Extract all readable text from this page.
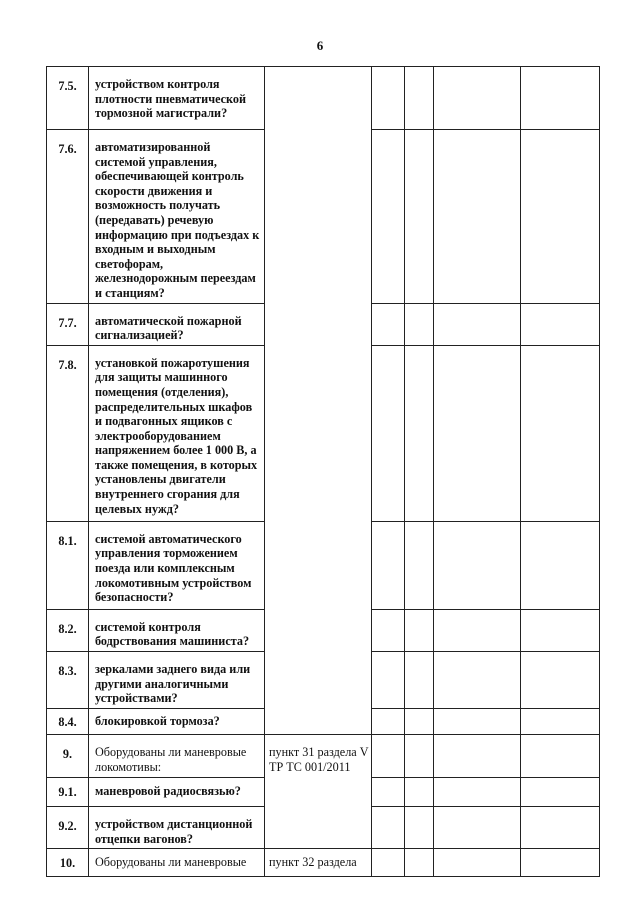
6
7.5.	устройством контроля плотности пневматической тормозной магистрали?					
7.6.	автоматизированной системой управления, обеспечивающей контроль скорости движения и возможность получать (передавать) речевую информацию при подъездах к входным и выходным светофорам, железнодорожным переездам и станциям?					
7.7.	автоматической пожарной сигнализацией?					
7.8.	установкой пожаротушения для защиты машинного помещения (отделения), распределительных шкафов и подвагонных ящиков с электрооборудованием напряжением более 1 000 В, а также помещения, в которых установлены двигатели внутреннего сгорания для целевых нужд?					
8.1.	системой автоматического управления торможением поезда или комплексным локомотивным устройством безопасности?					
8.2.	системой контроля бодрствования машиниста?					
8.3.	зеркалами заднего вида или другими аналогичными устройствами?					
8.4.	блокировкой тормоза?					
9.	Оборудованы ли маневровые локомотивы:	пункт 31 раздела V ТР ТС 001/2011				
9.1.	маневровой радиосвязью?					
9.2.	устройством дистанционной отцепки вагонов?					
10.	Оборудованы ли маневровые	пункт 32 раздела				
